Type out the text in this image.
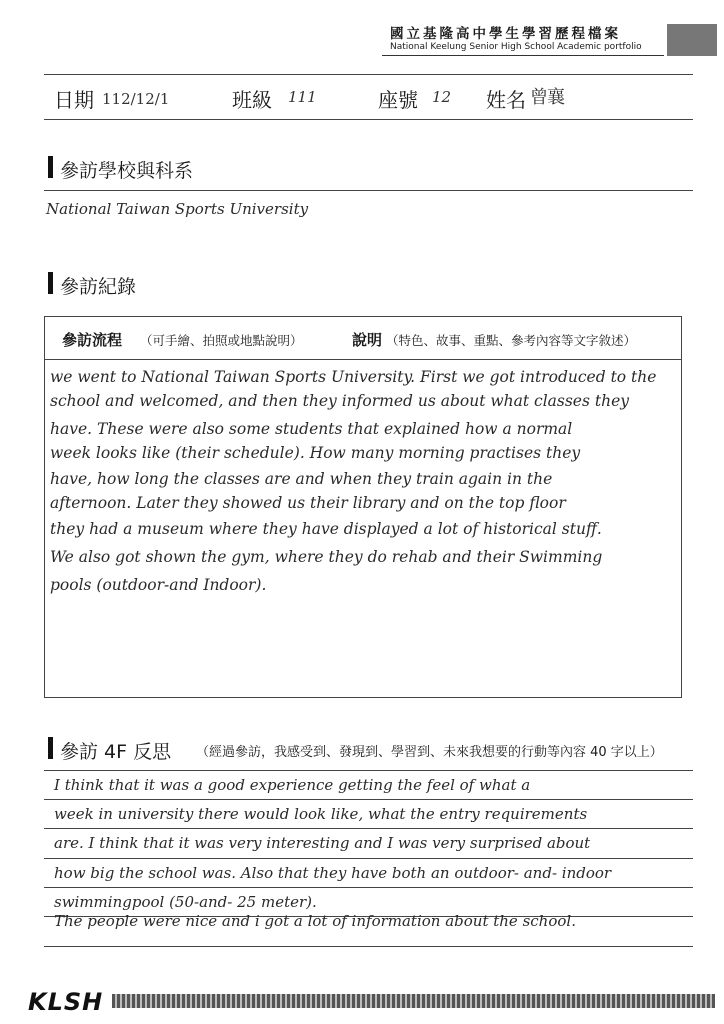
國立基隆高中學生學習歷程檔案
National Keelung Senior High School Academic portfolio
日期 112/12/1	班級 111	座號 12 姓名 曾襄
參訪學校與科系
National Taiwan Sports University
參訪紀錄
參訪流程 （可手繪、拍照或地點說明）	說明 （特色、故事、重點、參考內容等文字敘述）
we went to National Taiwan Sports University. First we got introduced to the
school and welcomed, and then they informed us about what classes they
have. These were also some students that explained how a normal
week looks like (their schedule). How many morning practises they
have, how long the classes are and when they train again in the
afternoon. Later they showed us their library and on the top floor
they had a museum where they have displayed a lot of historical stuff.
We also got shown the gym, where they do rehab and their Swimming
pools (outdoor-and Indoor).
參訪 4F 反思 （經過參訪，我感受到、發現到、學習到、未來我想要的行動等內容 40 字以上）
I think that it was a good experience getting the feel of what a
week in university there would look like, what the entry requirements
are. I think that it was very interesting and I was very surprised about
how big the school was. Also that they have both an outdoor- and- indoor
swimmingpool (50-and- 25 meter).
The people were nice and i got a lot of information about the school.
KLSH
